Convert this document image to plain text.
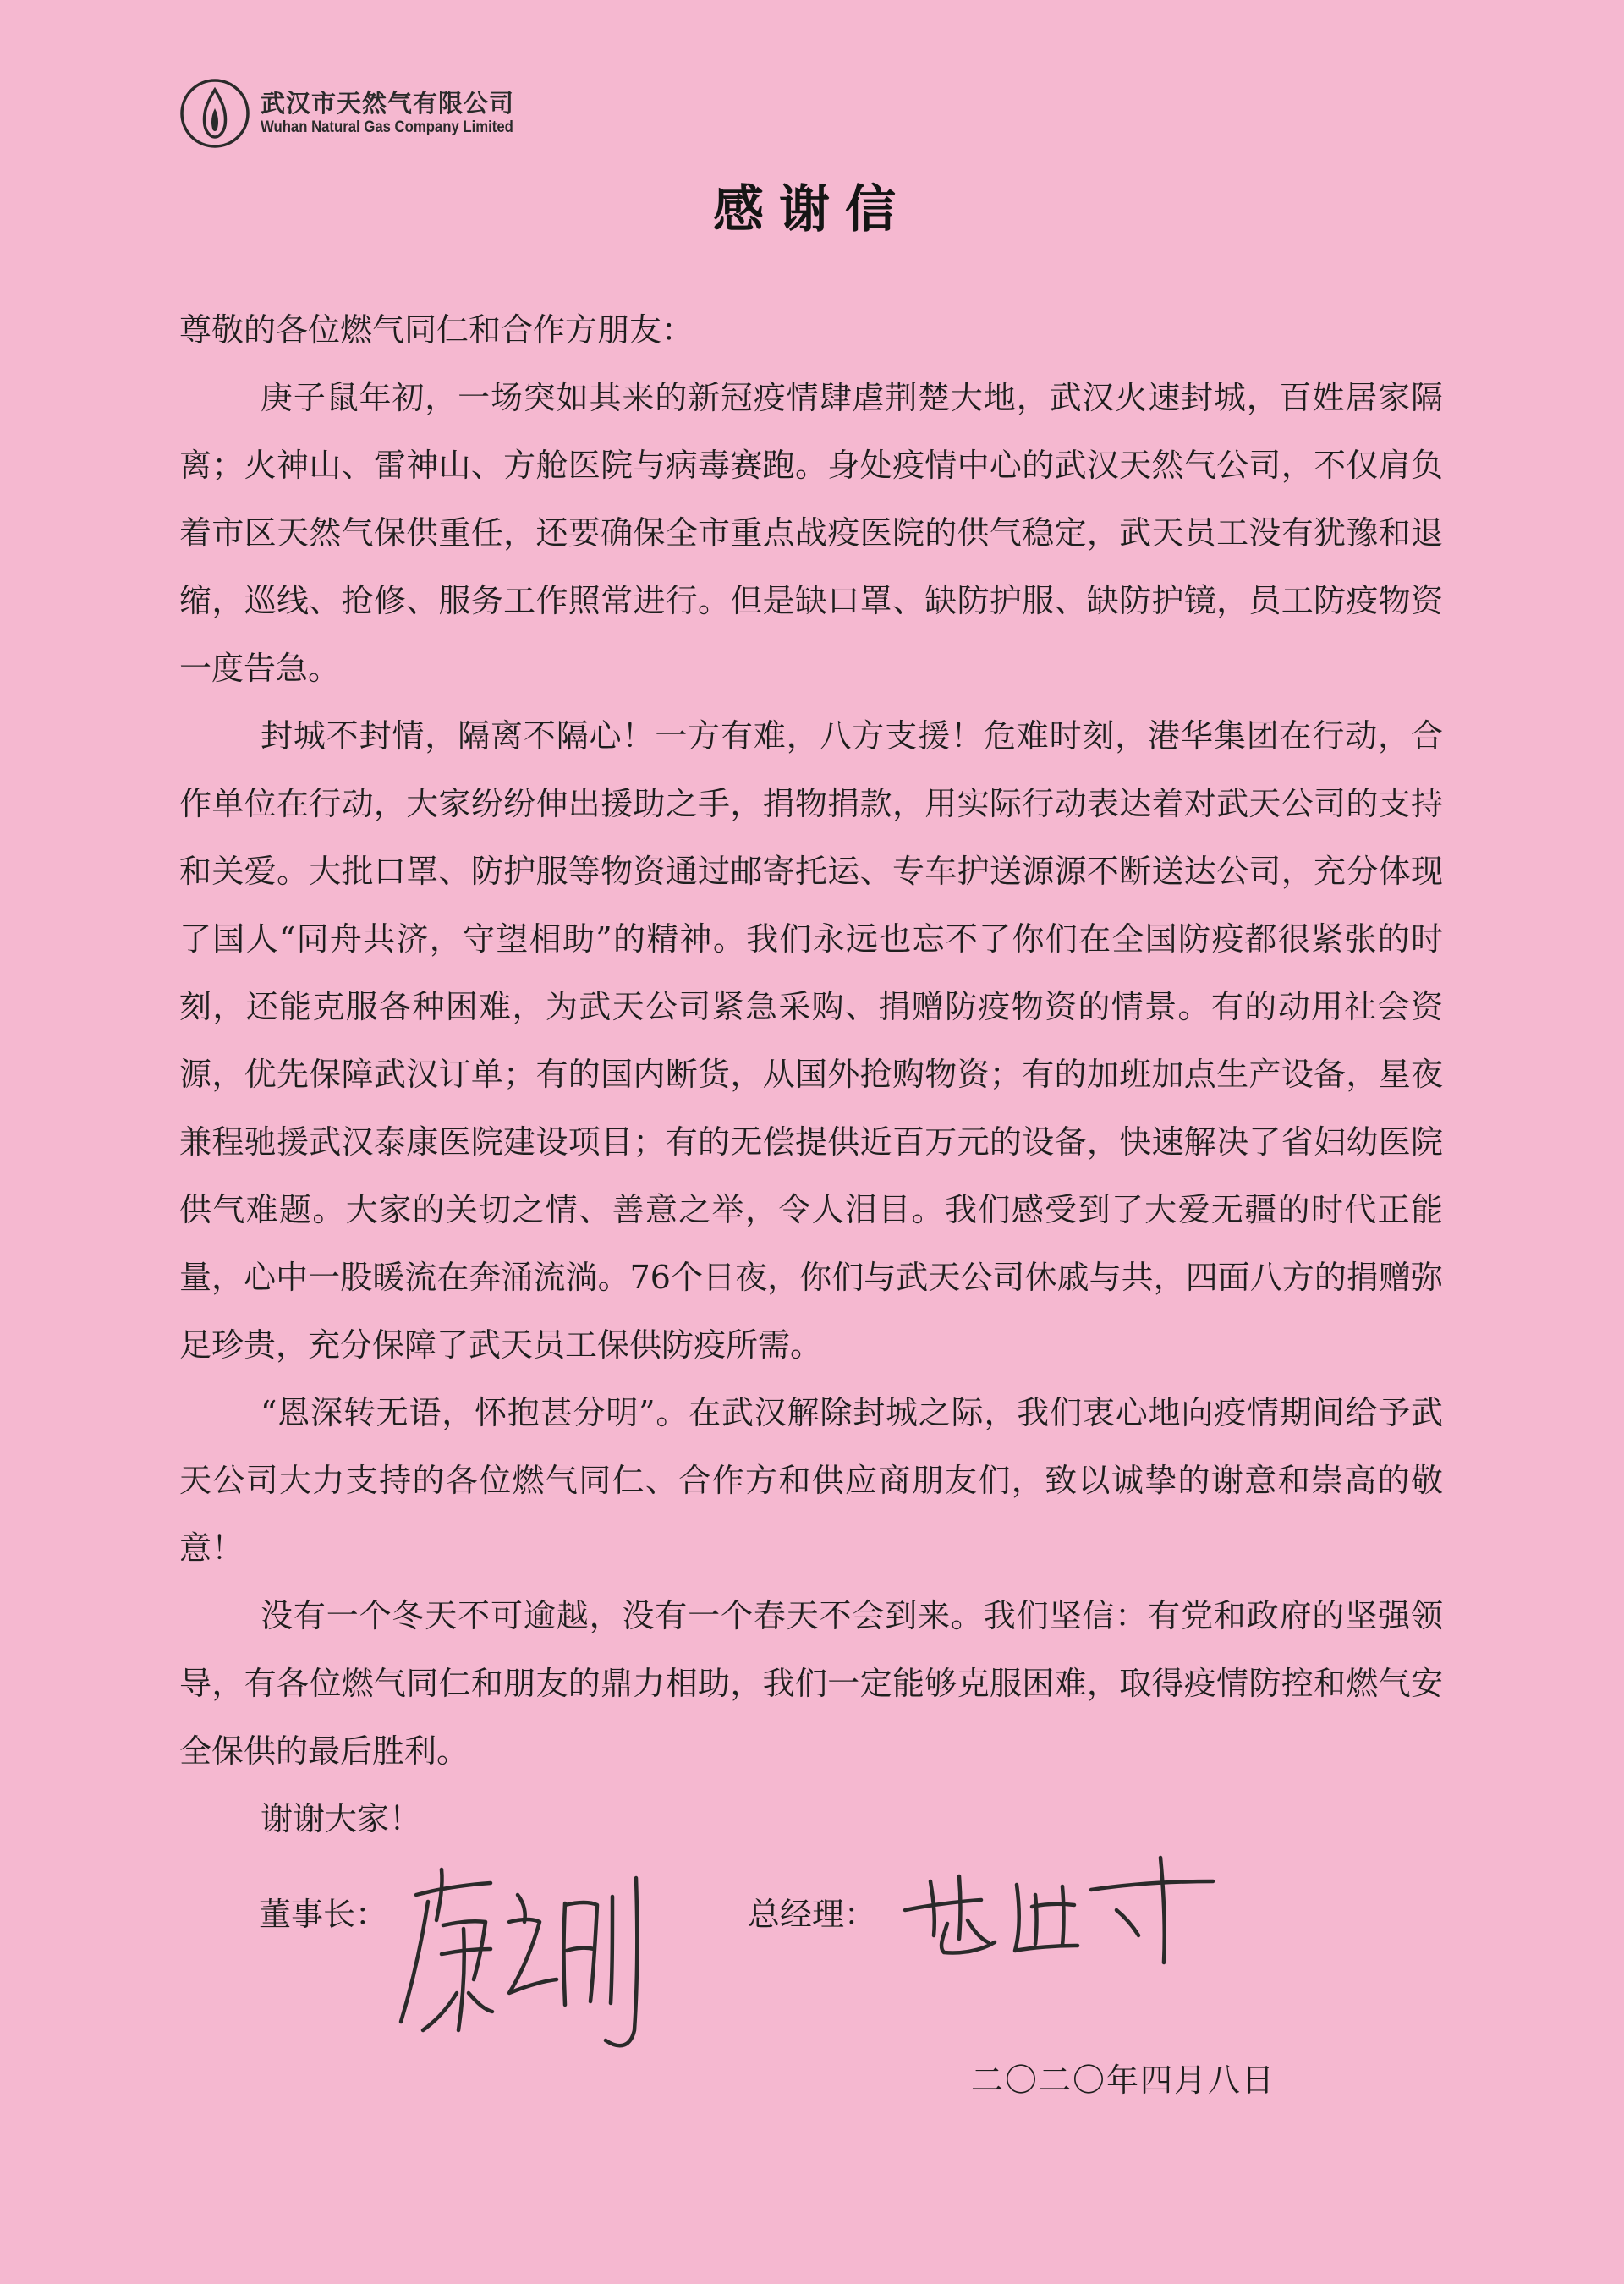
武汉市天然气有限公司
Wuhan Natural Gas Company Limited
感谢信

尊敬的各位燃气同仁和合作方朋友：

庚子鼠年初，一场突如其来的新冠疫情肆虐荆楚大地，武汉火速封城，百姓居家隔离；火神山、雷神山、方舱医院与病毒赛跑。身处疫情中心的武汉天然气公司，不仅肩负着市区天然气保供重任，还要确保全市重点战疫医院的供气稳定，武天员工没有犹豫和退缩，巡线、抢修、服务工作照常进行。但是缺口罩、缺防护服、缺防护镜，员工防疫物资一度告急。

封城不封情，隔离不隔心！一方有难，八方支援！危难时刻，港华集团在行动，合作单位在行动，大家纷纷伸出援助之手，捐物捐款，用实际行动表达着对武天公司的支持和关爱。大批口罩、防护服等物资通过邮寄托运、专车护送源源不断送达公司，充分体现了国人“同舟共济，守望相助”的精神。我们永远也忘不了你们在全国防疫都很紧张的时刻，还能克服各种困难，为武天公司紧急采购、捐赠防疫物资的情景。有的动用社会资源，优先保障武汉订单；有的国内断货，从国外抢购物资；有的加班加点生产设备，星夜兼程驰援武汉泰康医院建设项目；有的无偿提供近百万元的设备，快速解决了省妇幼医院供气难题。大家的关切之情、善意之举，令人泪目。我们感受到了大爱无疆的时代正能量，心中一股暖流在奔涌流淌。76个日夜，你们与武天公司休戚与共，四面八方的捐赠弥足珍贵，充分保障了武天员工保供防疫所需。

“恩深转无语，怀抱甚分明”。在武汉解除封城之际，我们衷心地向疫情期间给予武天公司大力支持的各位燃气同仁、合作方和供应商朋友们，致以诚挚的谢意和崇高的敬意！

没有一个冬天不可逾越，没有一个春天不会到来。我们坚信：有党和政府的坚强领导，有各位燃气同仁和朋友的鼎力相助，我们一定能够克服困难，取得疫情防控和燃气安全保供的最后胜利。

谢谢大家！

董事长：	总经理：
二〇二〇年四月八日
